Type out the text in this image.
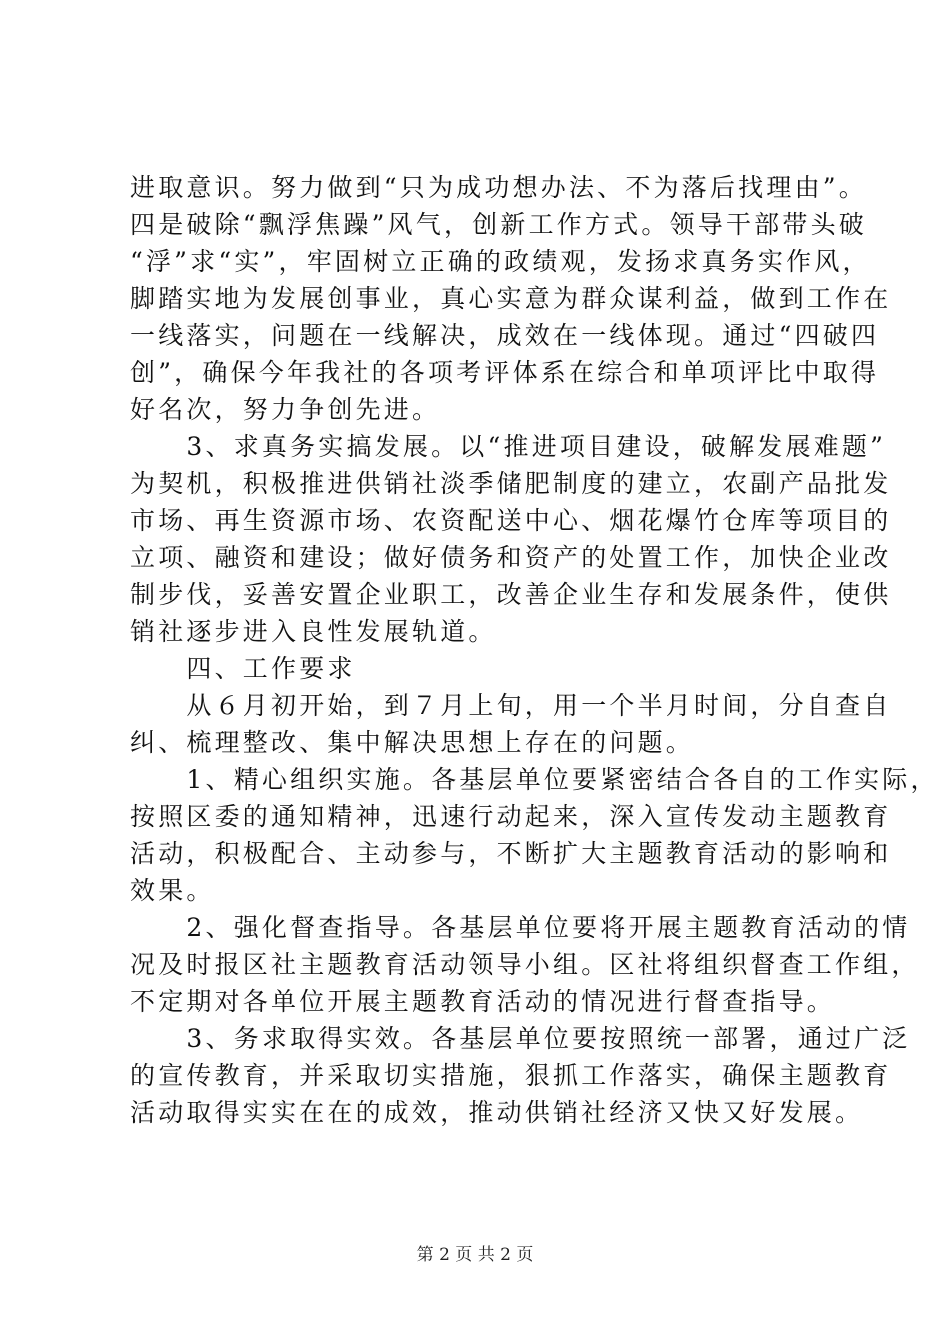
进取意识。努力做到“只为成功想办法、不为落后找理由”。
四是破除“飘浮焦躁”风气，创新工作方式。领导干部带头破
“浮”求“实”，牢固树立正确的政绩观，发扬求真务实作风，
脚踏实地为发展创事业，真心实意为群众谋利益，做到工作在
一线落实，问题在一线解决，成效在一线体现。通过“四破四
创”，确保今年我社的各项考评体系在综合和单项评比中取得
好名次，努力争创先进。
　　3、求真务实搞发展。以“推进项目建设，破解发展难题”
为契机，积极推进供销社淡季储肥制度的建立，农副产品批发
市场、再生资源市场、农资配送中心、烟花爆竹仓库等项目的
立项、融资和建设；做好债务和资产的处置工作，加快企业改
制步伐，妥善安置企业职工，改善企业生存和发展条件，使供
销社逐步进入良性发展轨道。
　　四、工作要求
　　从６月初开始，到７月上旬，用一个半月时间，分自查自
纠、梳理整改、集中解决思想上存在的问题。
　　1、精心组织实施。各基层单位要紧密结合各自的工作实际，
按照区委的通知精神，迅速行动起来，深入宣传发动主题教育
活动，积极配合、主动参与，不断扩大主题教育活动的影响和
效果。
　　2、强化督查指导。各基层单位要将开展主题教育活动的情
况及时报区社主题教育活动领导小组。区社将组织督查工作组，
不定期对各单位开展主题教育活动的情况进行督查指导。
　　3、务求取得实效。各基层单位要按照统一部署，通过广泛
的宣传教育，并采取切实措施，狠抓工作落实，确保主题教育
活动取得实实在在的成效，推动供销社经济又快又好发展。
第 2 页 共 2 页
